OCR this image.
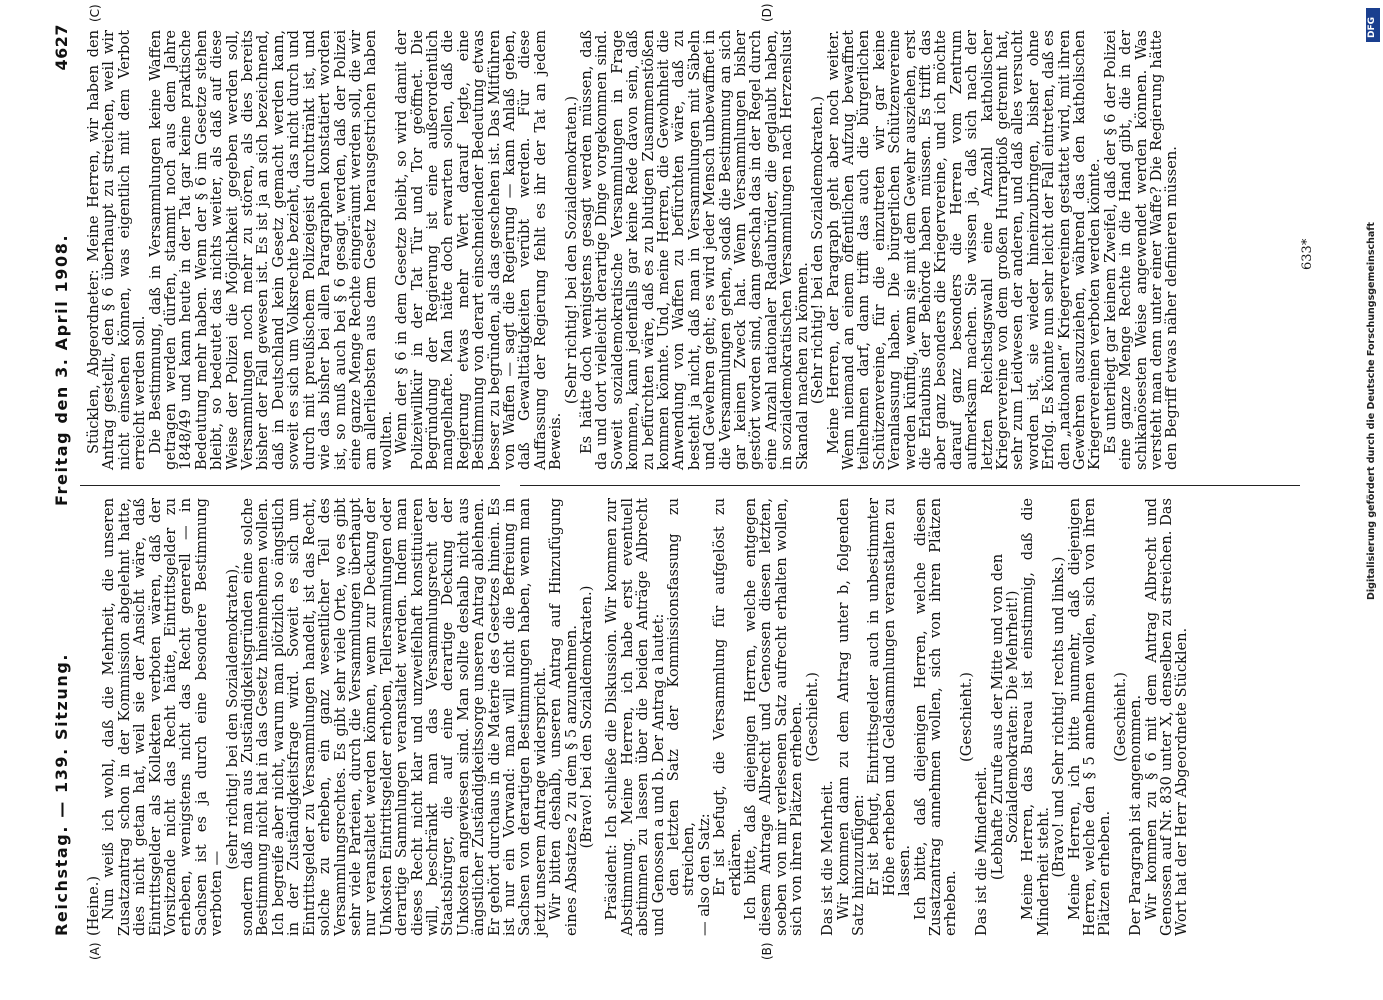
Reichstag. — 139. Sitzung.
Freitag den 3. April 1908.
4627
(A)	(B)
(C)	(D)

(Heine.)

Nun weiß ich wohl, daß die Mehrheit, die unseren Zusatzantrag schon in der Kommission abgelehnt hatte, dies nicht getan hat, weil sie der Ansicht wäre, daß Eintrittsgelder als Kollekten verboten wären, daß der Vorsitzende nicht das Recht hätte, Eintrittsgelder zu erheben, wenigstens nicht das Recht generell — in Sachsen ist es ja durch eine besondere Bestimmung verboten —

(sehr richtig! bei den Sozialdemokraten),

sondern daß man aus Zuständigkeitsgründen eine solche Bestimmung nicht hat in das Gesetz hineinnehmen wollen. Ich begreife aber nicht, warum man plötzlich so ängstlich in der Zuständigkeitsfrage wird. Soweit es sich um Eintrittsgelder zu Versammlungen handelt, ist das Recht, solche zu erheben, ein ganz wesentlicher Teil des Versammlungsrechtes. Es gibt sehr viele Orte, wo es gibt sehr viele Parteien, durch die Versammlungen überhaupt nur veranstaltet werden können, wenn zur Deckung der Unkosten Eintrittsgelder erhoben, Tellersammlungen oder derartige Sammlungen veranstaltet werden. Indem man dieses Recht nicht klar und unzweifelhaft konstituieren will, beschränkt man das Versammlungsrecht der Staatsbürger, die auf eine derartige Deckung der Unkosten angewiesen sind. Man sollte deshalb nicht aus ängstlicher Zuständigkeitssorge unseren Antrag ablehnen. Er gehört durchaus in die Materie des Gesetzes hinein. Es ist nur ein Vorwand: man will nicht die Befreiung in Sachsen von derartigen Bestimmungen haben, wenn man jetzt unserem Antrage widerspricht.

Wir bitten deshalb, unseren Antrag auf Hinzufügung eines Absatzes 2 zu dem § 5 anzunehmen.

(Bravo! bei den Sozialdemokraten.) Präsident: Ich schließe die Diskussion. Wir kommen zur Abstimmung. Meine Herren, ich habe erst eventuell abstimmen zu lassen über die beiden Anträge Albrecht und Genossen a und b. Der Antrag a lautet:

den letzten Satz der Kommissionsfassung zu streichen,

— also den Satz:

Er ist befugt, die Versammlung für aufgelöst zu erklären.

Ich bitte, daß diejenigen Herren, welche entgegen diesem Antrage Albrecht und Genossen diesen letzten, soeben von mir verlesenen Satz aufrecht erhalten wollen, sich von ihren Plätzen erheben.

(Geschieht.)

Das ist die Mehrheit.

Wir kommen dann zu dem Antrag unter b, folgenden Satz hinzuzufügen:

Er ist befugt, Eintrittsgelder auch in unbestimmter Höhe erheben und Geldsammlungen veranstalten zu lassen.

Ich bitte, daß diejenigen Herren, welche diesen Zusatzantrag annehmen wollen, sich von ihren Plätzen erheben.

(Geschieht.)

Das ist die Minderheit.

(Lebhafte Zurufe aus der Mitte und von den Sozialdemokraten: Die Mehrheit!)

Meine Herren, das Bureau ist einstimmig, daß die Minderheit steht.

(Bravo! und Sehr richtig! rechts und links.)

Meine Herren, ich bitte nunmehr, daß diejenigen Herren, welche den § 5 annehmen wollen, sich von ihren Plätzen erheben.

(Geschieht.)

Der Paragraph ist angenommen.

Wir kommen zu § 6 mit dem Antrag Albrecht und Genossen auf Nr. 830 unter X, denselben zu streichen. Das Wort hat der Herr Abgeordnete Stücklen.

Stücklen, Abgeordneter: Meine Herren, wir haben den Antrag gestellt, den § 6 überhaupt zu streichen, weil wir nicht einsehen können, was eigentlich mit dem Verbot erreicht werden soll.

Die Bestimmung, daß in Versammlungen keine Waffen getragen werden dürfen, stammt noch aus dem Jahre 1848/49 und kann heute in der Tat gar keine praktische Bedeutung mehr haben. Wenn der § 6 im Gesetze stehen bleibt, so bedeutet das nichts weiter, als daß auf diese Weise der Polizei die Möglichkeit gegeben werden soll, Versammlungen noch mehr zu stören, als dies bereits bisher der Fall gewesen ist. Es ist ja an sich bezeichnend, daß in Deutschland kein Gesetz gemacht werden kann, soweit es sich um Volksrechte bezieht, das nicht durch und durch mit preußischem Polizeigeist durchtränkt ist, und wie das bisher bei allen Paragraphen konstatiert worden ist, so muß auch bei § 6 gesagt werden, daß der Polizei eine ganze Menge Rechte eingeräumt werden soll, die wir am allerliebsten aus dem Gesetz herausgestrichen haben wollten.

Wenn der § 6 in dem Gesetze bleibt, so wird damit der Polizeiwillkür in der Tat Tür und Tor geöffnet. Die Begründung der Regierung ist eine außerordentlich mangelhafte. Man hätte doch erwarten sollen, daß die Regierung etwas mehr Wert darauf legte, eine Bestimmung von derart einschneidender Bedeutung etwas besser zu begründen, als das geschehen ist. Das Mitführen von Waffen — sagt die Regierung — kann Anlaß geben, daß Gewalttätigkeiten verübt werden. Für diese Auffassung der Regierung fehlt es ihr der Tat an jedem Beweis.

(Sehr richtig! bei den Sozialdemokraten.)

Es hätte doch wenigstens gesagt werden müssen, daß da und dort vielleicht derartige Dinge vorgekommen sind. Soweit sozialdemokratische Versammlungen in Frage kommen, kann jedenfalls gar keine Rede davon sein, daß zu befürchten wäre, daß es zu blutigen Zusammenstößen kommen könnte. Und, meine Herren, die Gewohnheit die Anwendung von Waffen zu befürchten wäre, daß zu besteht ja nicht, daß man in Versammlungen mit Säbeln und Gewehren geht; es wird jeder Mensch unbewaffnet in die Versammlungen gehen, sodaß die Bestimmung an sich gar keinen Zweck hat. Wenn Versammlungen bisher gestört worden sind, dann geschah das in der Regel durch eine Anzahl nationaler Radaubrüder, die geglaubt haben, in sozialdemokratischen Versammlungen nach Herzenslust Skandal machen zu können.

(Sehr richtig! bei den Sozialdemokraten.)

Meine Herren, der Paragraph geht aber noch weiter. Wenn niemand an einem öffentlichen Aufzug bewaffnet teilnehmen darf, dann trifft das auch die bürgerlichen Schützenvereine, für die einzutreten wir gar keine Veranlassung haben. Die bürgerlichen Schützenvereine werden künftig, wenn sie mit dem Gewehr ausziehen, erst die Erlaubnis der Behörde haben müssen. Es trifft das aber ganz besonders die Kriegervereine, und ich möchte darauf ganz besonders die Herren vom Zentrum aufmerksam machen. Sie wissen ja, daß sich nach der letzten Reichstagswahl eine Anzahl katholischer Kriegervereine von dem großen Hurraptioß getrennt hat, sehr zum Leidwesen der anderen, und daß alles versucht worden ist, sie wieder hineinzubringen, bisher ohne Erfolg. Es könnte nun sehr leicht der Fall eintreten, daß es den „nationalen“ Kriegervereinen gestattet wird, mit ihren Gewehren auszuziehen, während das den katholischen Kriegervereinen verboten werden könnte.

Es unterliegt gar keinem Zweifel, daß der § 6 der Polizei eine ganze Menge Rechte in die Hand gibt, die in der schikanösesten Weise angewendet werden können. Was versteht man denn unter einer Waffe? Die Regierung hätte den Begriff etwas näher definieren müssen.	633*	Digitalisierung gefördert durch die Deutsche Forschungsgemeinschaft
DFG
